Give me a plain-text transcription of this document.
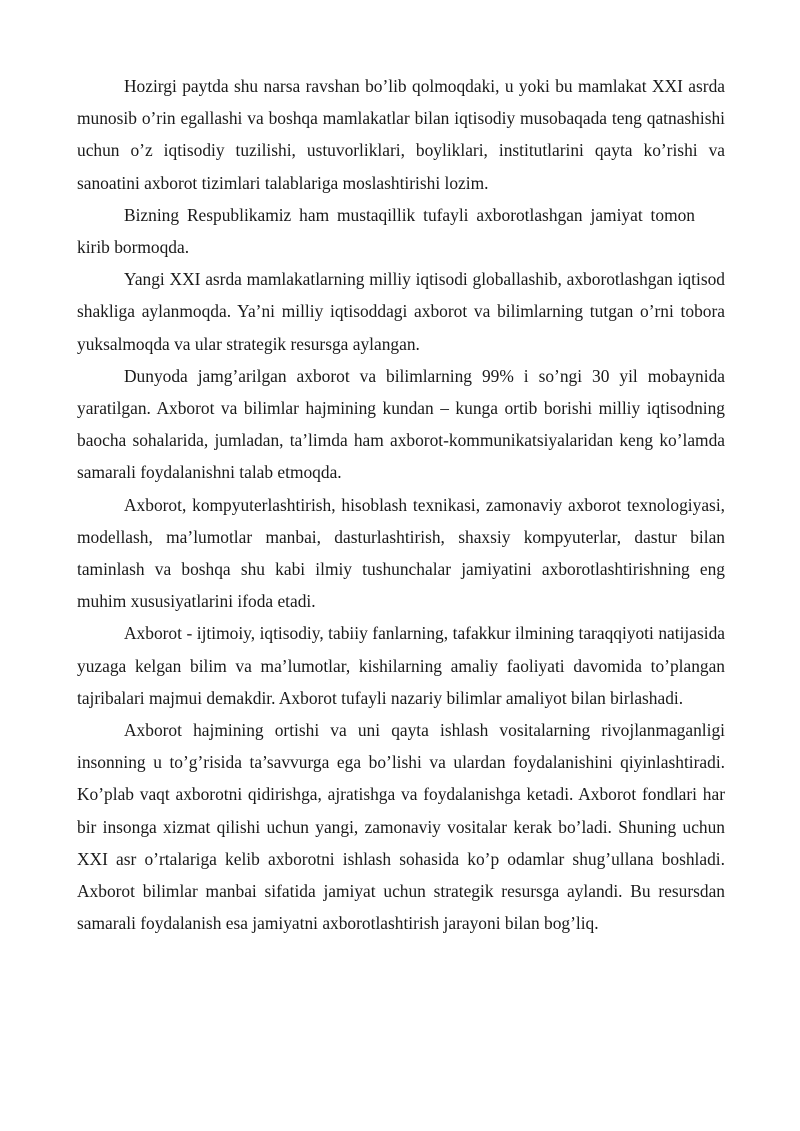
Hozirgi paytda shu narsa ravshan bo’lib qolmoqdaki, u yoki bu mamlakat XXI asrda munosib o’rin egallashi va boshqa mamlakatlar bilan iqtisodiy musobaqada teng qatnashishi uchun o’z iqtisodiy tuzilishi, ustuvorliklari, boyliklari, institutlarini qayta ko’rishi va sanoatini axborot tizimlari talablariga moslashtirishi lozim.

Bizning Respublikamiz ham mustaqillik tufayli axborotlashgan jamiyat tomon kirib bormoqda.

Yangi XXI asrda mamlakatlarning milliy iqtisodi globallashib, axborotlashgan iqtisod shakliga aylanmoqda. Ya’ni milliy iqtisoddagi axborot va bilimlarning tutgan o’rni tobora yuksalmoqda va ular strategik resursga aylangan.

Dunyoda jamg’arilgan axborot va bilimlarning 99% i so’ngi 30 yil mobaynida yaratilgan. Axborot va bilimlar hajmining kundan – kunga ortib borishi milliy iqtisodning baocha sohalarida, jumladan, ta’limda ham axborot-kommunikatsiyalaridan keng ko’lamda samarali foydalanishni talab etmoqda.

Axborot, kompyuterlashtirish, hisoblash texnikasi, zamonaviy axborot texnologiyasi, modellash, ma’lumotlar manbai, dasturlashtirish, shaxsiy kompyuterlar, dastur bilan taminlash va boshqa shu kabi ilmiy tushunchalar jamiyatini axborotlashtirishning eng muhim xususiyatlarini ifoda etadi.

Axborot - ijtimoiy, iqtisodiy, tabiiy fanlarning, tafakkur ilmining taraqqiyoti natijasida yuzaga kelgan bilim va ma’lumotlar, kishilarning amaliy faoliyati davomida to’plangan tajribalari majmui demakdir. Axborot tufayli nazariy bilimlar amaliyot bilan birlashadi.

Axborot hajmining ortishi va uni qayta ishlash vositalarning rivojlanmaganligi insonning u to’g’risida ta’savvurga ega bo’lishi va ulardan foydalanishini qiyinlashtiradi. Ko’plab vaqt axborotni qidirishga, ajratishga va foydalanishga ketadi. Axborot fondlari har bir insonga xizmat qilishi uchun yangi, zamonaviy vositalar kerak bo’ladi. Shuning uchun XXI asr o’rtalariga kelib axborotni ishlash sohasida ko’p odamlar shug’ullana boshladi. Axborot bilimlar manbai sifatida jamiyat uchun strategik resursga aylandi. Bu resursdan samarali foydalanish esa jamiyatni axborotlashtirish jarayoni bilan bog’liq.
